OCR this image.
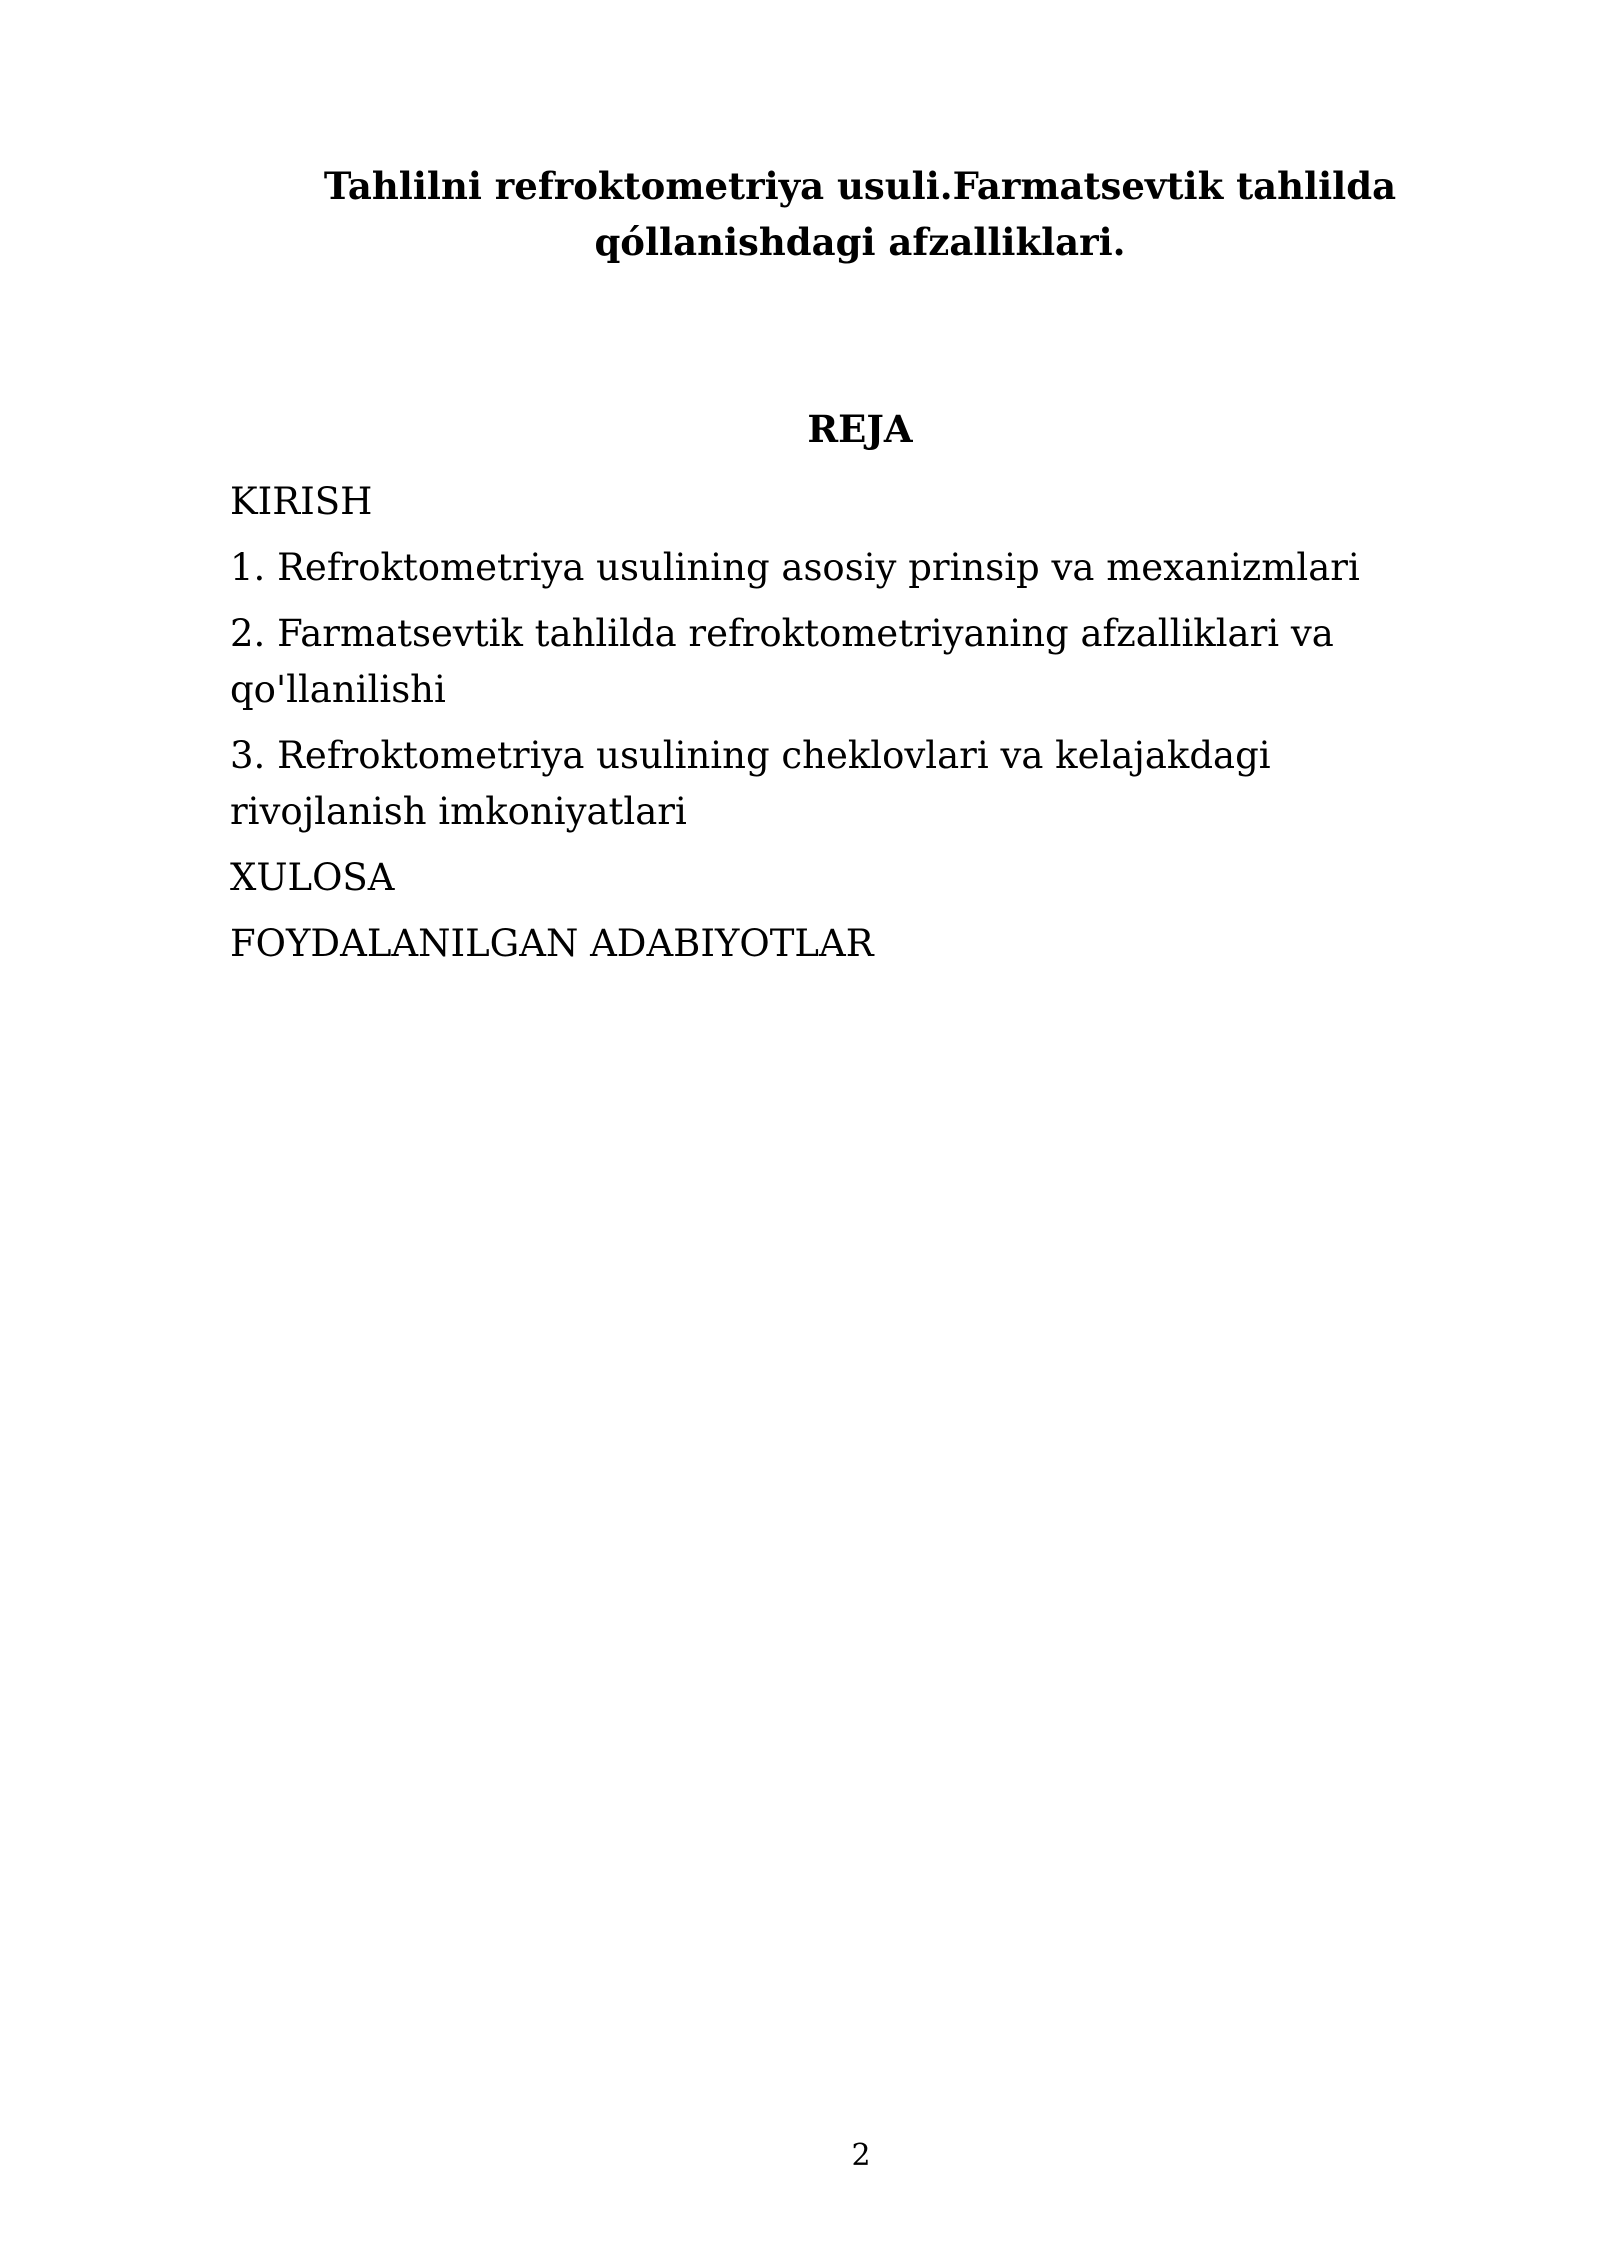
Tahlilni refroktometriya usuli.Farmatsevtik tahlilda qóllanishdagi afzalliklari.
REJA
KIRISH
1. Refroktometriya usulining asosiy prinsip va mexanizmlari
2. Farmatsevtik tahlilda refroktometriyaning afzalliklari va qo'llanilishi
3. Refroktometriya usulining cheklovlari va kelajakdagi rivojlanish imkoniyatlari
XULOSA
FOYDALANILGAN ADABIYOTLAR
2
